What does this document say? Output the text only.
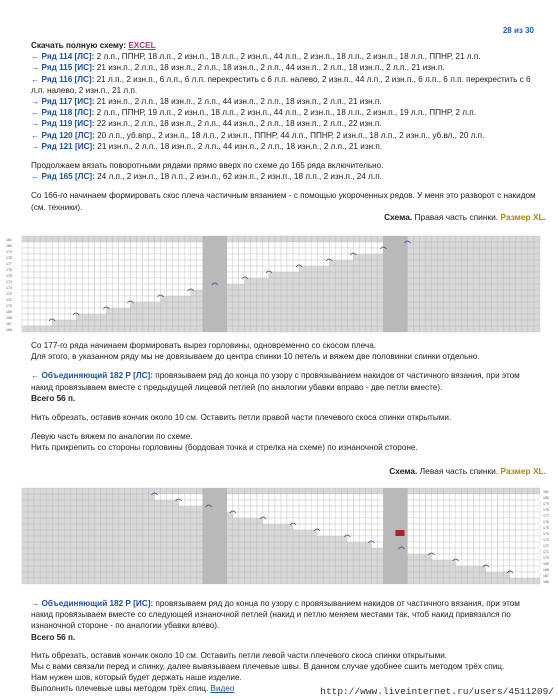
28 из 30

Скачать полную схему: EXCEL

← Ряд 114 [ЛС]: 2 л.п., ППНР, 18 л.п., 2 изн.п., 18 л.п., 2 изн.п., 44 л.п., 2 изн.п., 18 л.п., 2 изн.п., 18 л.п., ППНР, 21 л.п.

→ Ряд 115 [ИС]: 21 изн.п., 2 л.п., 18 изн.п., 2 л.п., 18 изн.п., 2 л.п., 44 изн.п., 2 л.п., 18 изн.п., 2 л.п., 21 изн.п.

← Ряд 116 [ЛС]: 21 л.п., 2 изн.п., 6 л.п., 6 л.п. перекрестить с 6 л.п. налево, 2 изн.п., 44 л.п., 2 изн.п., 6 л.п., 6 л.п. перекрестить с 6 л.п. налево, 2 изн.п., 21 л.п.

→ Ряд 117 [ИС]: 21 изн.п., 2 л.п., 18 изн.п., 2 л.п., 44 изн.п., 2 л.п., 18 изн.п., 2 л.п., 21 изн.п.

← Ряд 118 [ЛС]: 2 л.п., ППНР, 19 л.п., 2 изн.п., 18 л.п., 2 изн.п., 44 л.п., 2 изн.п., 18 л.п., 2 изн.п., 19 л.п., ППНР, 2 л.п.

→ Ряд 119 [ИС]: 22 изн.п., 2 л.п., 18 изн.п., 2 л.п., 44 изн.п., 2 л.п., 18 изн.п., 2 л.п., 22 изн.п.

← Ряд 120 [ЛС]: 20 л.п., уб.впр., 2 изн.п., 18 л.п., 2 изн.п., ППНР, 44 л.п., ППНР, 2 изн.п., 18 л.п., 2 изн.п., уб.вл., 20 л.п.

→ Ряд 121 [ИС]: 21 изн.п., 2 л.п., 18 изн.п., 2 л.п., 44 изн.п., 2 л.п., 18 изн.п., 2 л.п., 21 изн.п.

Продолжаем вязать поворотными рядами прямо вверх по схеме до 165 ряда включительно.

← Ряд 165 [ЛС]: 24 л.п., 2 изн.п., 18 л.п., 2 изн.п., 62 изн.п., 2 изн.п., 18 л.п., 2 изн.п., 24 л.п.

Со 166-го начинаем формировать скос плеча частичным вязанием - с помощью укороченных рядов. У меня это разворот с накидом (см. техники).

Схема. Правая часть спинки. Размер XL.
181
180
179
178
177
176
175
174
173
172
171
170
169
168
167
166

Со 177-го ряда начинаем формировать вырез горловины, одновременно со скосом плеча.

Для этого, в указанном ряду мы не довязываем до центра спинки 10 петель и вяжем две половинки спинки отдельно.

← Объединяющий 182 Р [ЛС]: провязываем ряд до конца по узору с провязыванием накидов от частичного вязания, при этом накид провязываем вместе с предыдущей лицевой петлей (по аналогии убавки вправо - две петли вместе).

Всего 56 п.

Нить обрезать, оставив кончик около 10 см. Оставить петли правой части плечевого скоса спинки открытыми.

Левую часть вяжем по аналогии по схеме.

Нить прикрепить со стороны горловины (бордовая точка и стрелка на схеме) по изнаночной стороне.

Схема. Левая часть спинки. Размер XL.
181
180
179
178
177
176
175
174
173
172
171
170
169
168
167
166

→ Объединяющий 182 Р [ИС]: провязываем ряд до конца по узору с провязыванием накидов от частичного вязания, при этом накид провязываем вместе со следующей изнаночной петлей (накид и петлю меняем местами так, чтоб накид привязался по изнаночной стороне - по аналогии убавки влево).

Всего 56 п.

Нить обрезать, оставив кончик около 10 см. Оставить петли левой части плечевого скоса спинки открытыми.

Мы с вами связали перед и спинку, далее вывязываем плечевые швы. В данном случае удобнее сшить методом трёх спиц.

Нам нужен шов, который будет держать наше изделие.

Выполнить плечевые швы методом трёх спиц. Видео	http://www.liveinternet.ru/users/4511209/
